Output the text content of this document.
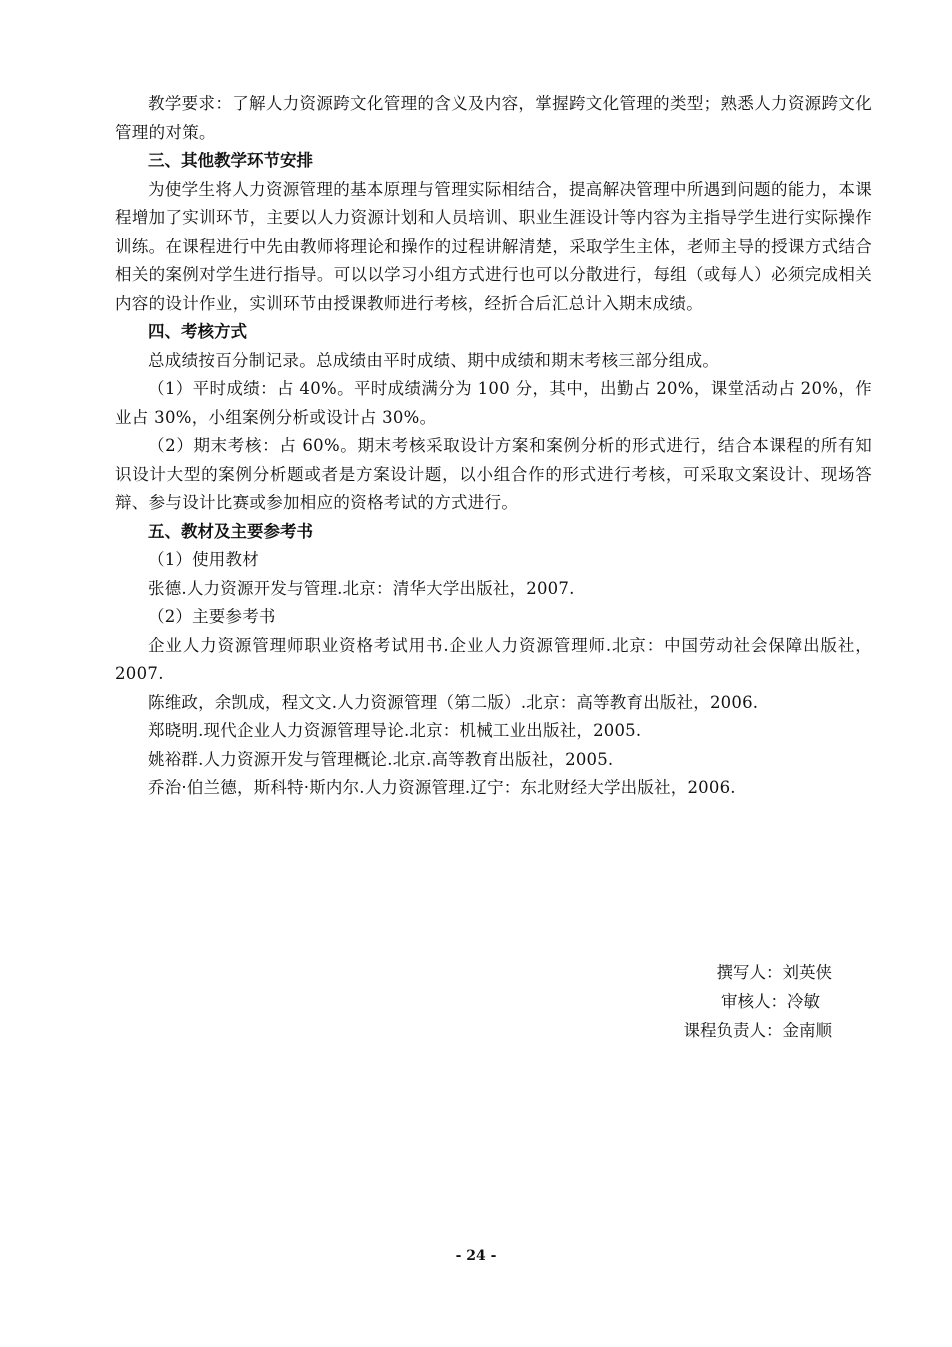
教学要求：了解人力资源跨文化管理的含义及内容，掌握跨文化管理的类型；熟悉人力资源跨文化管理的对策。

三、其他教学环节安排

为使学生将人力资源管理的基本原理与管理实际相结合，提高解决管理中所遇到问题的能力，本课程增加了实训环节，主要以人力资源计划和人员培训、职业生涯设计等内容为主指导学生进行实际操作训练。在课程进行中先由教师将理论和操作的过程讲解清楚，采取学生主体，老师主导的授课方式结合相关的案例对学生进行指导。可以以学习小组方式进行也可以分散进行，每组（或每人）必须完成相关内容的设计作业，实训环节由授课教师进行考核，经折合后汇总计入期末成绩。

四、考核方式

总成绩按百分制记录。总成绩由平时成绩、期中成绩和期末考核三部分组成。

（1）平时成绩：占 40%。平时成绩满分为 100 分，其中，出勤占 20%，课堂活动占 20%，作业占 30%，小组案例分析或设计占 30%。

（2）期末考核：占 60%。期末考核采取设计方案和案例分析的形式进行，结合本课程的所有知识设计大型的案例分析题或者是方案设计题，以小组合作的形式进行考核，可采取文案设计、现场答辩、参与设计比赛或参加相应的资格考试的方式进行。

五、教材及主要参考书

（1）使用教材

张德.人力资源开发与管理.北京：清华大学出版社，2007.

（2）主要参考书

企业人力资源管理师职业资格考试用书.企业人力资源管理师.北京：中国劳动社会保障出版社，2007.

陈维政，余凯成，程文文.人力资源管理（第二版）.北京：高等教育出版社，2006.

郑晓明.现代企业人力资源管理导论.北京：机械工业出版社，2005.

姚裕群.人力资源开发与管理概论.北京.高等教育出版社，2005.

乔治·伯兰德，斯科特·斯内尔.人力资源管理.辽宁：东北财经大学出版社，2006.

撰写人：刘英侠
审核人：冷敏
课程负责人：金南顺
- 24 -
